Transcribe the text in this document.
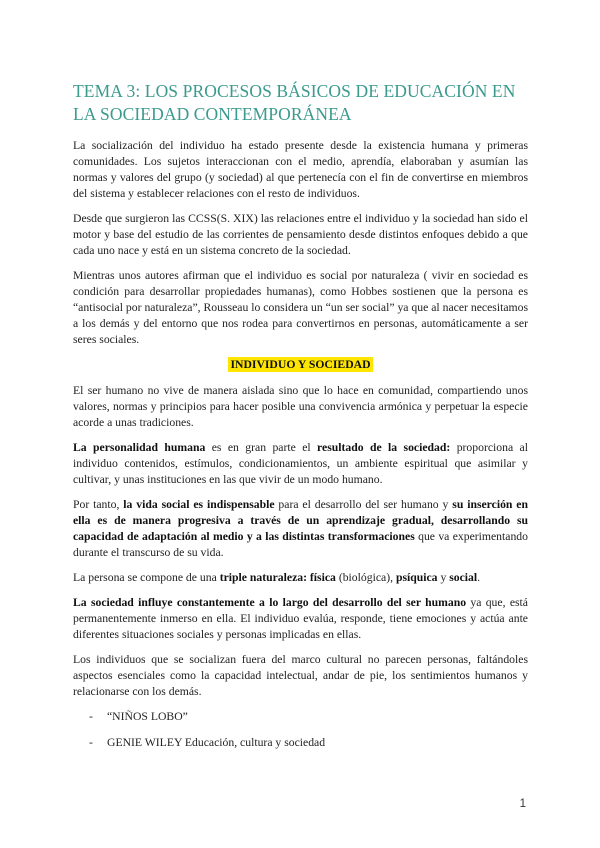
TEMA 3: LOS PROCESOS BÁSICOS DE EDUCACIÓN EN LA SOCIEDAD CONTEMPORÁNEA

La socialización del individuo ha estado presente desde la existencia humana y primeras comunidades. Los sujetos interaccionan con el medio, aprendía, elaboraban y asumían las normas y valores del grupo (y sociedad) al que pertenecía con el fin de convertirse en miembros del sistema y establecer relaciones con el resto de individuos.

Desde que surgieron las CCSS(S. XIX) las relaciones entre el individuo y la sociedad han sido el motor y base del estudio de las corrientes de pensamiento desde distintos enfoques debido a que cada uno nace y está en un sistema concreto de la sociedad.

Mientras unos autores afirman que el individuo es social por naturaleza ( vivir en sociedad es condición para desarrollar propiedades humanas), como Hobbes sostienen que la persona es “antisocial por naturaleza”, Rousseau lo considera un “un ser social” ya que al nacer necesitamos a los demás y del entorno que nos rodea para convertirnos en personas, automáticamente a ser seres sociales.

INDIVIDUO Y SOCIEDAD

El ser humano no vive de manera aislada sino que lo hace en comunidad, compartiendo unos valores, normas y principios para hacer posible una convivencia armónica y perpetuar la especie acorde a unas tradiciones.

La personalidad humana es en gran parte el resultado de la sociedad: proporciona al individuo contenidos, estímulos, condicionamientos, un ambiente espiritual que asimilar y cultivar, y unas instituciones en las que vivir de un modo humano.

Por tanto, la vida social es indispensable para el desarrollo del ser humano y su inserción en ella es de manera progresiva a través de un aprendizaje gradual, desarrollando su capacidad de adaptación al medio y a las distintas transformaciones que va experimentando durante el transcurso de su vida.

La persona se compone de una triple naturaleza: física (biológica), psíquica y social.

La sociedad influye constantemente a lo largo del desarrollo del ser humano ya que, está permanentemente inmerso en ella. El individuo evalúa, responde, tiene emociones y actúa ante diferentes situaciones sociales y personas implicadas en ellas.

Los individuos que se socializan fuera del marco cultural no parecen personas, faltándoles aspectos esenciales como la capacidad intelectual, andar de pie, los sentimientos humanos y relacionarse con los demás.

- “NIÑOS LOBO”
- GENIE WILEY Educación, cultura y sociedad
1
